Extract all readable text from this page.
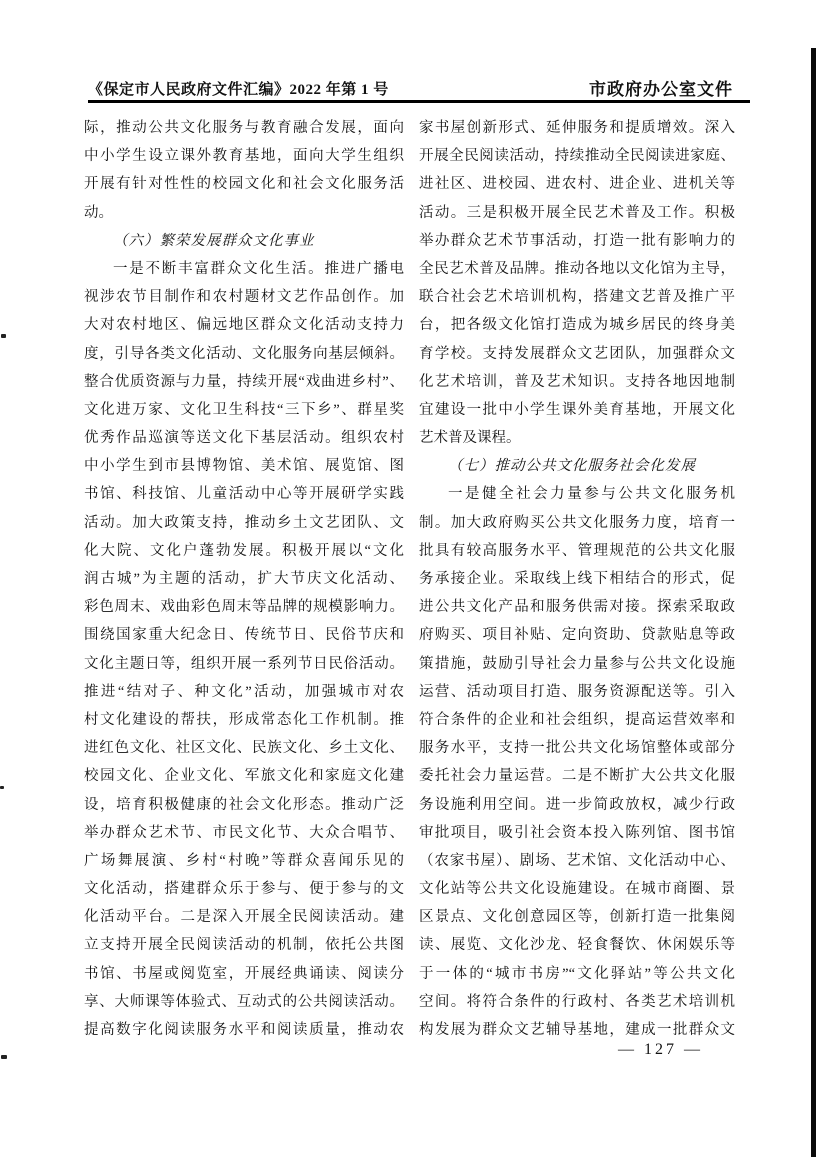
《保定市人民政府文件汇编》2022 年第 1 号	市政府办公室文件
际，推动公共文化服务与教育融合发展，面向
中小学生设立课外教育基地，面向大学生组织
开展有针对性性的校园文化和社会文化服务活
动。
（六）繁荣发展群众文化事业
一是不断丰富群众文化生活。推进广播电
视涉农节目制作和农村题材文艺作品创作。加
大对农村地区、偏远地区群众文化活动支持力
度，引导各类文化活动、文化服务向基层倾斜。
整合优质资源与力量，持续开展“戏曲进乡村”、
文化进万家、文化卫生科技“三下乡”、群星奖
优秀作品巡演等送文化下基层活动。组织农村
中小学生到市县博物馆、美术馆、展览馆、图
书馆、科技馆、儿童活动中心等开展研学实践
活动。加大政策支持，推动乡土文艺团队、文
化大院、文化户蓬勃发展。积极开展以“文化
润古城”为主题的活动，扩大节庆文化活动、
彩色周末、戏曲彩色周末等品牌的规模影响力。
围绕国家重大纪念日、传统节日、民俗节庆和
文化主题日等，组织开展一系列节日民俗活动。
推进“结对子、种文化”活动，加强城市对农
村文化建设的帮扶，形成常态化工作机制。推
进红色文化、社区文化、民族文化、乡土文化、
校园文化、企业文化、军旅文化和家庭文化建
设，培育积极健康的社会文化形态。推动广泛
举办群众艺术节、市民文化节、大众合唱节、
广场舞展演、乡村“村晚”等群众喜闻乐见的
文化活动，搭建群众乐于参与、便于参与的文
化活动平台。二是深入开展全民阅读活动。建
立支持开展全民阅读活动的机制，依托公共图
书馆、书屋或阅览室，开展经典诵读、阅读分
享、大师课等体验式、互动式的公共阅读活动。
提高数字化阅读服务水平和阅读质量，推动农
家书屋创新形式、延伸服务和提质增效。深入
开展全民阅读活动，持续推动全民阅读进家庭、
进社区、进校园、进农村、进企业、进机关等
活动。三是积极开展全民艺术普及工作。积极
举办群众艺术节事活动，打造一批有影响力的
全民艺术普及品牌。推动各地以文化馆为主导，
联合社会艺术培训机构，搭建文艺普及推广平
台，把各级文化馆打造成为城乡居民的终身美
育学校。支持发展群众文艺团队，加强群众文
化艺术培训，普及艺术知识。支持各地因地制
宜建设一批中小学生课外美育基地，开展文化
艺术普及课程。
（七）推动公共文化服务社会化发展
一是健全社会力量参与公共文化服务机
制。加大政府购买公共文化服务力度，培育一
批具有较高服务水平、管理规范的公共文化服
务承接企业。采取线上线下相结合的形式，促
进公共文化产品和服务供需对接。探索采取政
府购买、项目补贴、定向资助、贷款贴息等政
策措施，鼓励引导社会力量参与公共文化设施
运营、活动项目打造、服务资源配送等。引入
符合条件的企业和社会组织，提高运营效率和
服务水平，支持一批公共文化场馆整体或部分
委托社会力量运营。二是不断扩大公共文化服
务设施利用空间。进一步简政放权，减少行政
审批项目，吸引社会资本投入陈列馆、图书馆
（农家书屋）、剧场、艺术馆、文化活动中心、
文化站等公共文化设施建设。在城市商圈、景
区景点、文化创意园区等，创新打造一批集阅
读、展览、文化沙龙、轻食餐饮、休闲娱乐等
于一体的“城市书房”“文化驿站”等公共文化
空间。将符合条件的行政村、各类艺术培训机
构发展为群众文艺辅导基地，建成一批群众文
— 127 —
